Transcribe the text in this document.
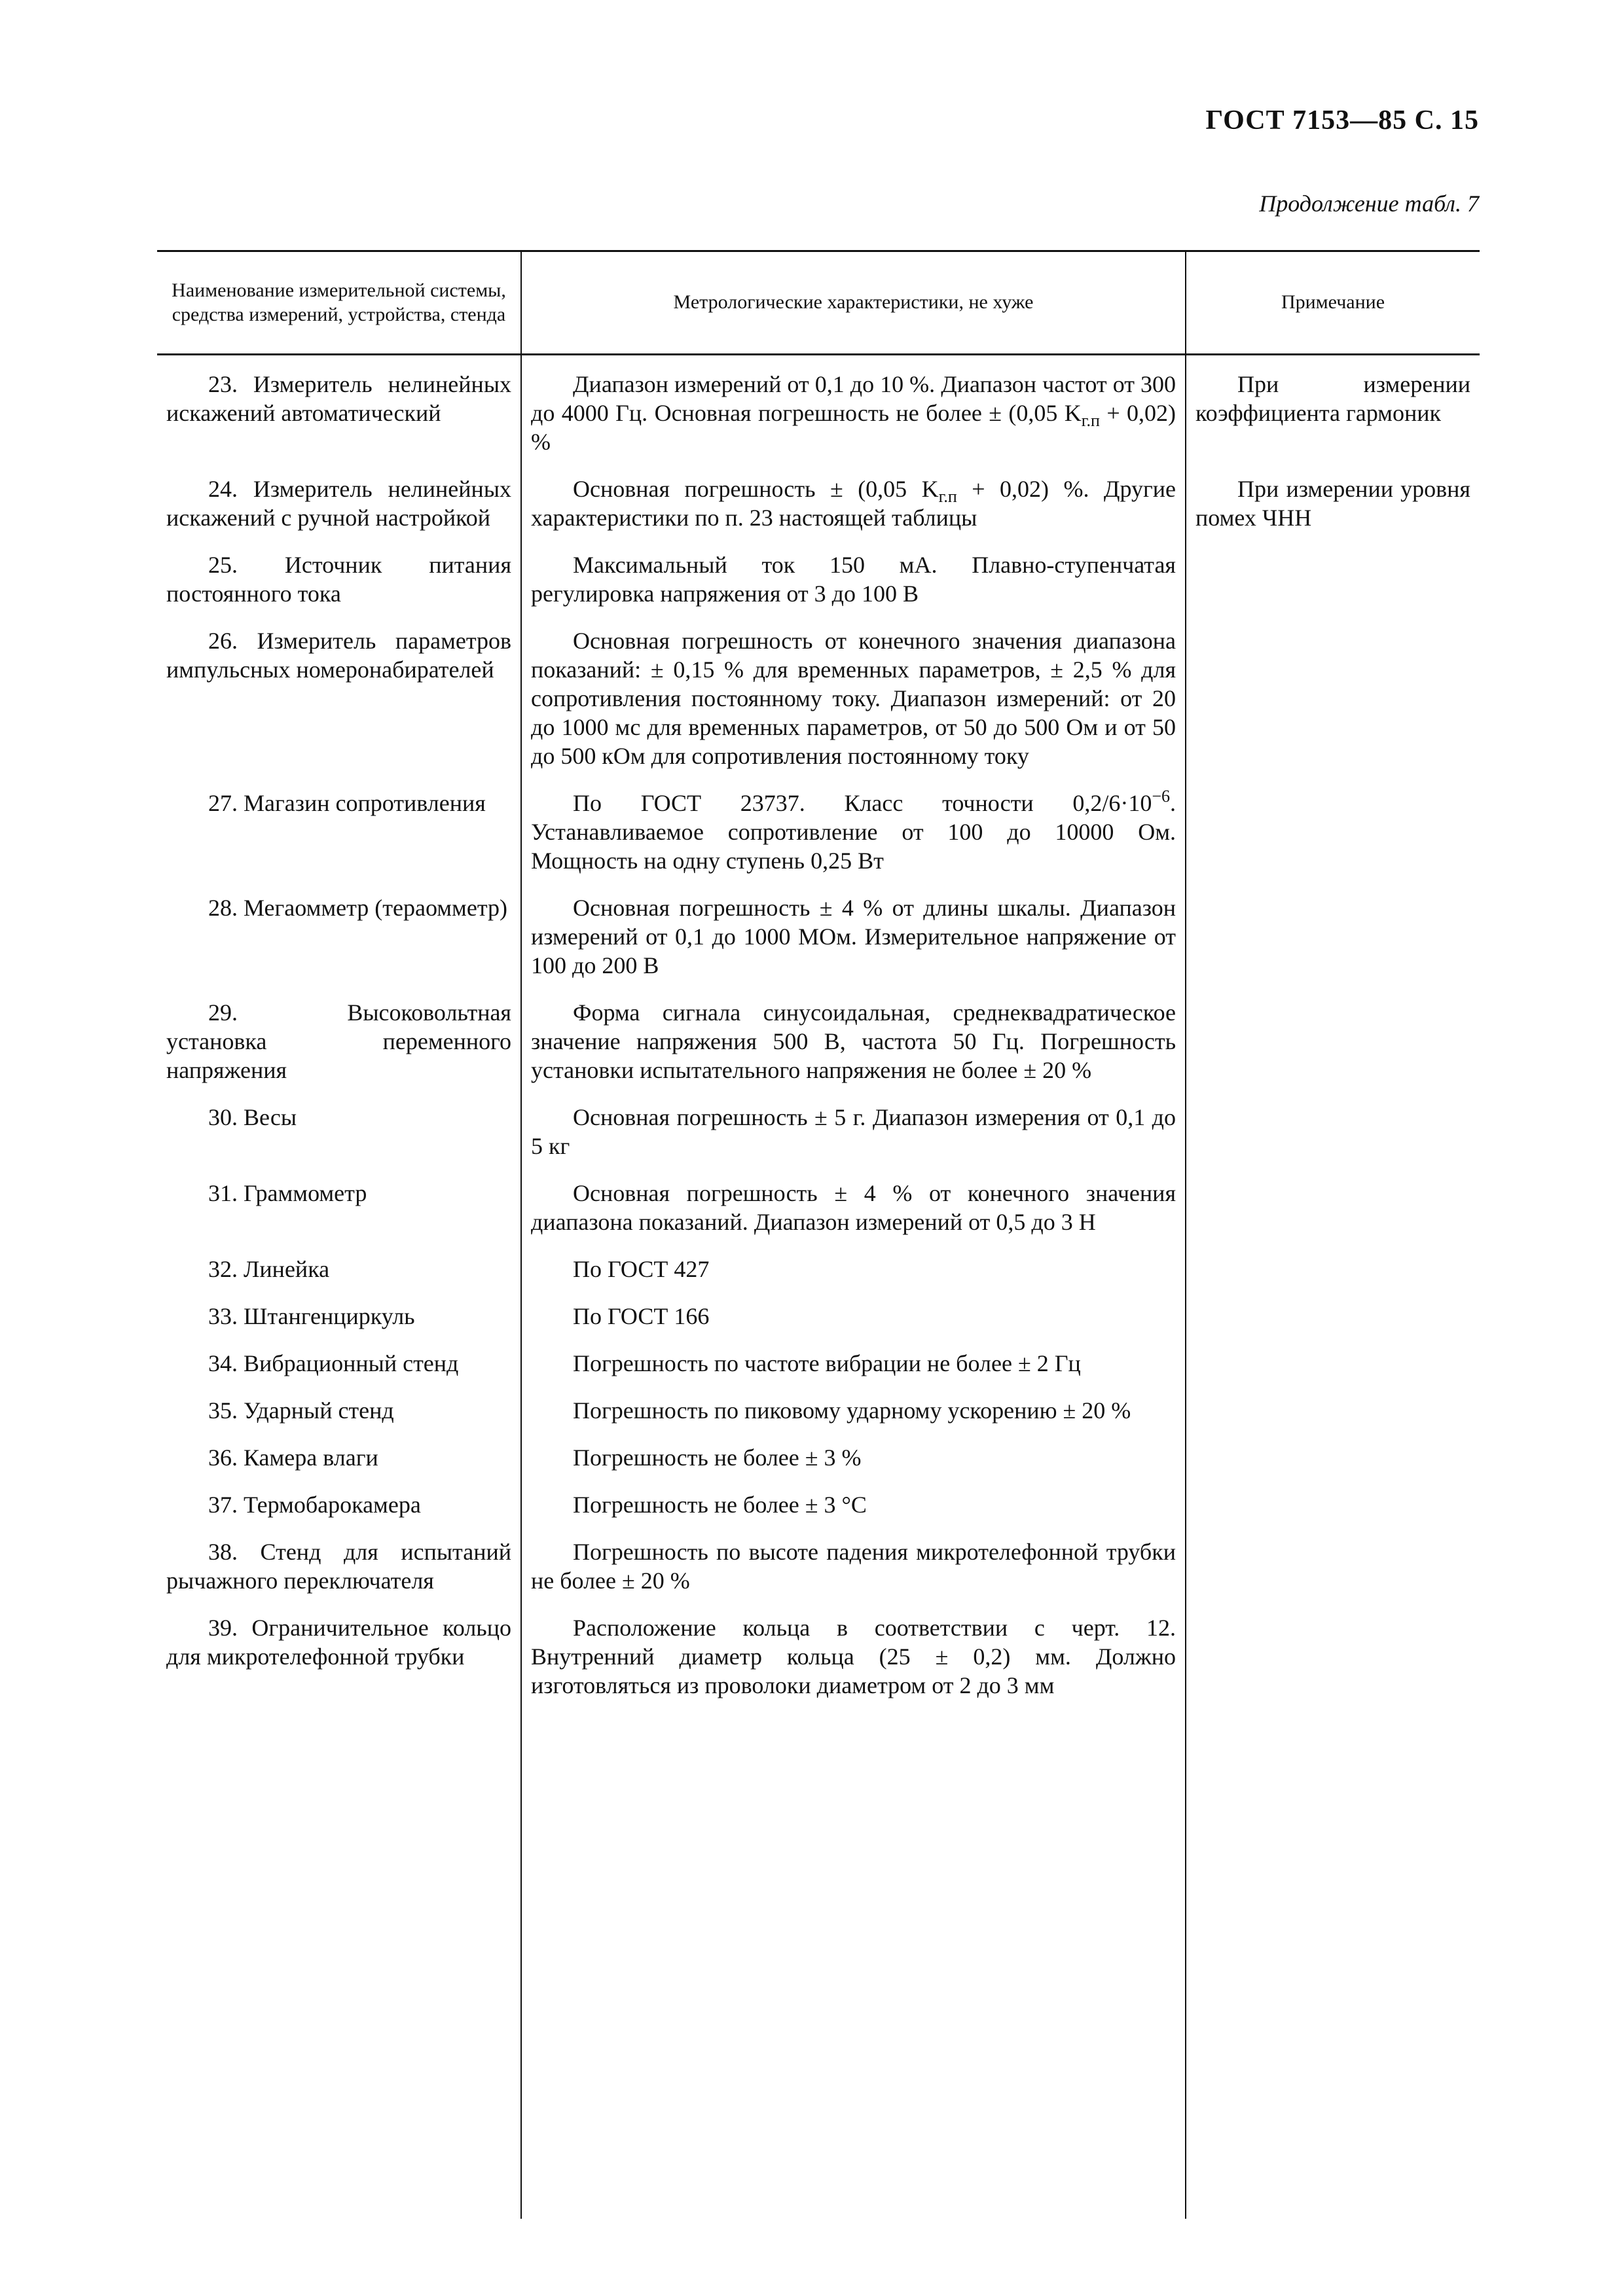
ГОСТ 7153—85 С. 15
Продолжение табл. 7
Наименование измерительной системы, средства измерений, устройства, стенда
Метрологические характеристики, не хуже	Примечание
23. Измеритель нелинейных искажений автоматический
24. Измеритель нелинейных искажений с ручной настройкой
25. Источник питания постоянного тока
26. Измеритель параметров импульсных номеронабирателей
27. Магазин сопротивления
28. Мегаомметр (тераомметр)
29. Высоковольтная установка переменного напряжения
30. Весы
31. Граммометр
32. Линейка
33. Штангенциркуль
34. Вибрационный стенд
35. Ударный стенд
36. Камера влаги
37. Термобарокамера
38. Стенд для испытаний рычажного переключателя
39. Ограничительное кольцо для микротелефонной трубки
Диапазон измерений от 0,1 до 10 %. Диапазон частот от 300 до 4000 Гц. Основная погрешность не более ± (0,05 $K_{г.п} + 0,02$) %
Основная погрешность ± (0,05 $K_{г.п} + 0,02$) %. Другие характеристики по п. 23 настоящей таблицы
Максимальный ток 150 мА. Плавно-ступенчатая регулировка напряжения от 3 до 100 В
Основная погрешность от конечного значения диапазона показаний: ± 0,15 % для временных параметров, ± 2,5 % для сопротивления постоянному току. Диапазон измерений: от 20 до 1000 мс для временных параметров, от 50 до 500 Ом и от 50 до 500 кОм для сопротивления постоянному току
По ГОСТ 23737. Класс точности $0,2/6\cdot 10^{-6}$. Устанавливаемое сопротивление от 100 до 10000 Ом. Мощность на одну ступень 0,25 Вт
Основная погрешность ± 4 % от длины шкалы. Диапазон измерений от 0,1 до 1000 МОм. Измерительное напряжение от 100 до 200 В
Форма сигнала синусоидальная, среднеквадратическое значение напряжения 500 В, частота 50 Гц. Погрешность установки испытательного напряжения не более ± 20 %
Основная погрешность ± 5 г. Диапазон измерения от 0,1 до 5 кг
Основная погрешность ± 4 % от конечного значения диапазона показаний. Диапазон измерений от 0,5 до 3 Н
По ГОСТ 427
По ГОСТ 166
Погрешность по частоте вибрации не более ± 2 Гц
Погрешность по пиковому ударному ускорению ± 20 %
Погрешность не более ± 3 %
Погрешность не более ± 3 °С
Погрешность по высоте падения микротелефонной трубки не более ± 20 %
Расположение кольца в соответствии с черт. 12. Внутренний диаметр кольца (25 ± 0,2) мм. Должно изготовляться из проволоки диаметром от 2 до 3 мм
При измерении коэффициента гармоник
При измерении уровня помех ЧНН
